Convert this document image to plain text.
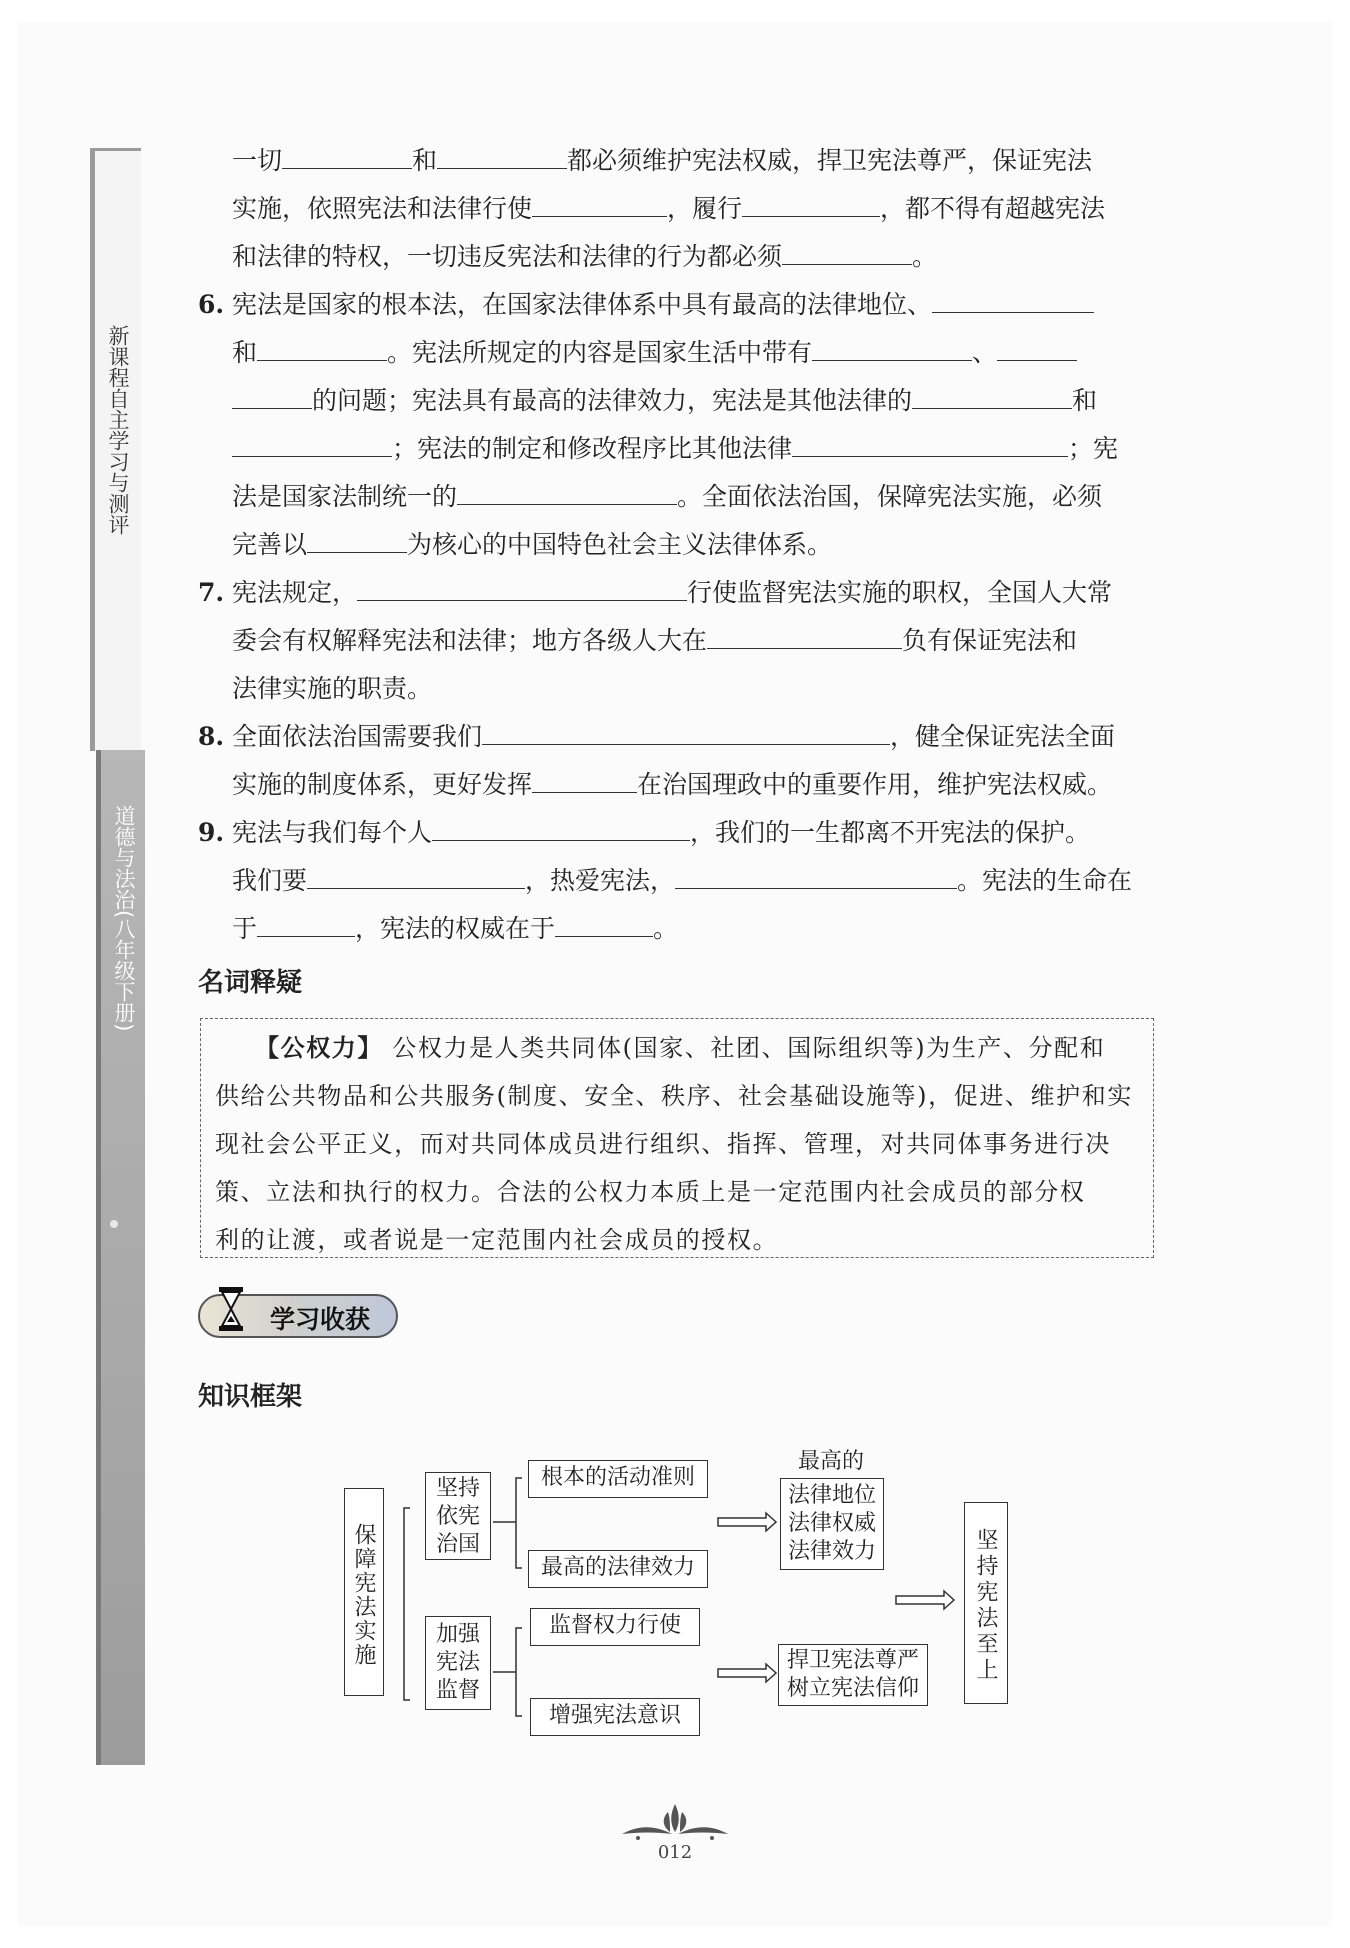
新课程自主学习与测评
道德与法治(八年级下册)
一切	和	都必须维护宪法权威，捍卫宪法尊严，保证宪法
实施，依照宪法和法律行使	，履行	，都不得有超越宪法
和法律的特权，一切违反宪法和法律的行为都必须	。
6. 宪法是国家的根本法，在国家法律体系中具有最高的法律地位、
和	。宪法所规定的内容是国家生活中带有	、
的问题；宪法具有最高的法律效力，宪法是其他法律的	和
；宪法的制定和修改程序比其他法律	；宪
法是国家法制统一的	。全面依法治国，保障宪法实施，必须
完善以	为核心的中国特色社会主义法律体系。
7. 宪法规定，	行使监督宪法实施的职权，全国人大常
委会有权解释宪法和法律；地方各级人大在	负有保证宪法和
法律实施的职责。
8. 全面依法治国需要我们	，健全保证宪法全面
实施的制度体系，更好发挥	在治国理政中的重要作用，维护宪法权威。
9. 宪法与我们每个人	，我们的一生都离不开宪法的保护。
我们要	，热爱宪法，	。宪法的生命在
于	，宪法的权威在于	。
名词释疑
【公权力】 公权力是人类共同体(国家、社团、国际组织等)为生产、分配和
供给公共物品和公共服务(制度、安全、秩序、社会基础设施等)，促进、维护和实
现社会公平正义，而对共同体成员进行组织、指挥、管理，对共同体事务进行决
策、立法和执行的权力。合法的公权力本质上是一定范围内社会成员的部分权
利的让渡，或者说是一定范围内社会成员的授权。
学习收获
知识框架
保障宪法实施
坚持依宪治国
加强宪法监督
根本的活动准则
最高的法律效力
监督权力行使
增强宪法意识
最高的
法律地位
法律权威
法律效力
捍卫宪法尊严
树立宪法信仰
坚持宪法至上
012
